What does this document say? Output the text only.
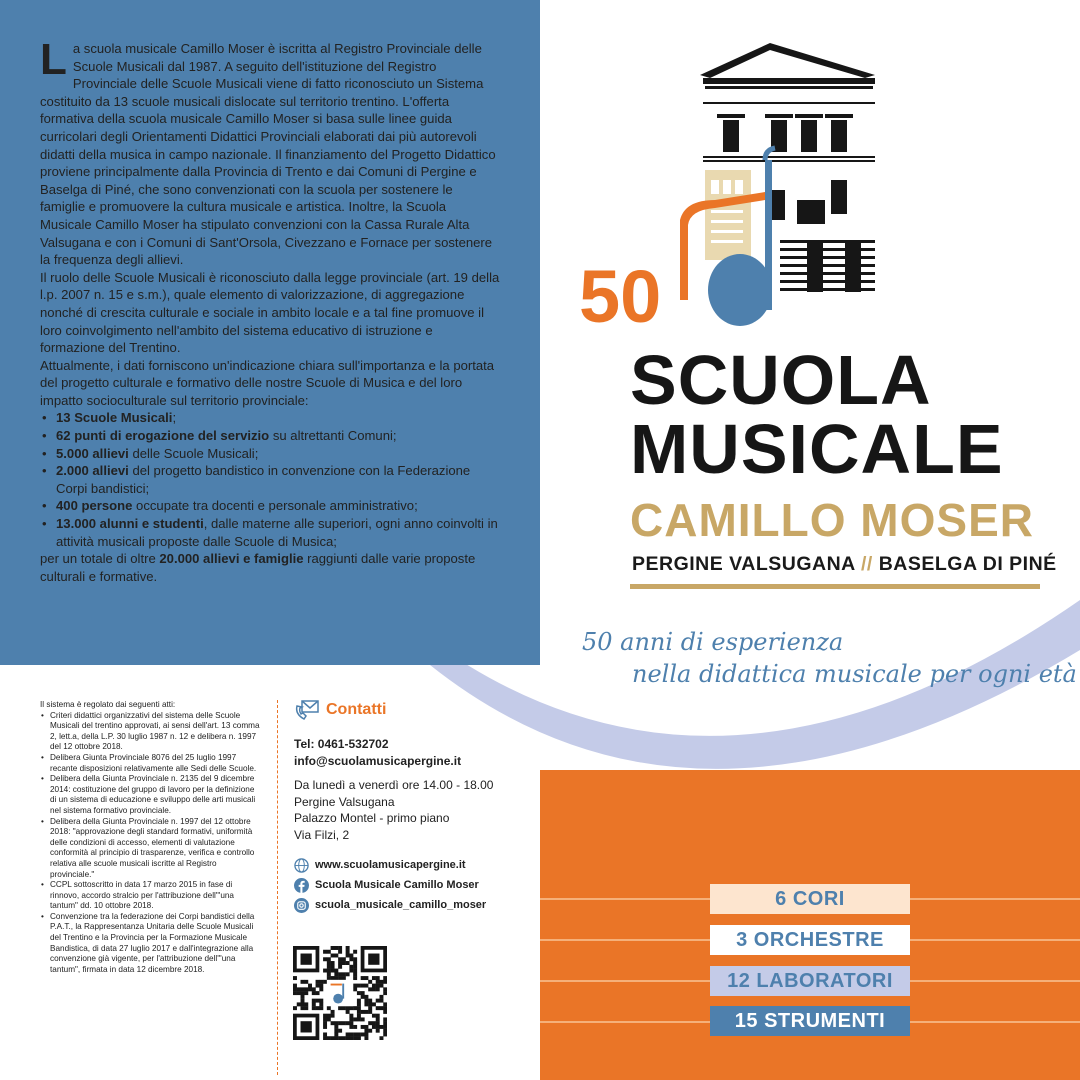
La scuola musicale Camillo Moser è iscritta al Registro Provinciale delle Scuole Musicali dal 1987. A seguito dell'istituzione del Registro Provinciale delle Scuole Musicali viene di fatto riconosciuto un Sistema costituito da 13 scuole musicali dislocate sul territorio trentino. L'offerta formativa della scuola musicale Camillo Moser si basa sulle linee guida curricolari degli Orientamenti Didattici Provinciali elaborati dai più autorevoli didatti della musica in campo nazionale. Il finanziamento del Progetto Didattico proviene principalmente dalla Provincia di Trento e dai Comuni di Pergine e Baselga di Piné, che sono convenzionati con la scuola per sostenere le famiglie e promuovere la cultura musicale e artistica. Inoltre, la Scuola Musicale Camillo Moser ha stipulato convenzioni con la Cassa Rurale Alta Valsugana e con i Comuni di Sant'Orsola, Civezzano e Fornace per sostenere la frequenza degli allievi.

Il ruolo delle Scuole Musicali è riconosciuto dalla legge provinciale (art. 19 della l.p. 2007 n. 15 e s.m.), quale elemento di valorizzazione, di aggregazione nonché di crescita culturale e sociale in ambito locale e a tal fine promuove il loro coinvolgimento nell'ambito del sistema educativo di istruzione e formazione del Trentino.

Attualmente, i dati forniscono un'indicazione chiara sull'importanza e la portata del progetto culturale e formativo delle nostre Scuole di Musica e del loro impatto socioculturale sul territorio provinciale:

• 13 Scuole Musicali;
• 62 punti di erogazione del servizio su altrettanti Comuni;
• 5.000 allievi delle Scuole Musicali;
• 2.000 allievi del progetto bandistico in convenzione con la Federazione Corpi bandistici;
• 400 persone occupate tra docenti e personale amministrativo;
• 13.000 alunni e studenti, dalle materne alle superiori, ogni anno coinvolti in attività musicali proposte dalle Scuole di Musica;

per un totale di oltre 20.000 allievi e famiglie raggiunti dalle varie proposte culturali e formative.

50
SCUOLA
MUSICALE
CAMILLO MOSER
PERGINE VALSUGANA // BASELGA DI PINÉ
50 anni di esperienza
nella didattica musicale per ogni età
6 CORI
3 ORCHESTRE
12 LABORATORI
15 STRUMENTI

Il sistema è regolato dai seguenti atti:

• Criteri didattici organizzativi del sistema delle Scuole Musicali del trentino approvati, ai sensi dell'art. 13 comma 2, lett.a, della L.P. 30 luglio 1987 n. 12 e delibera n. 1997 del 12 ottobre 2018.
• Delibera Giunta Provinciale 8076 del 25 luglio 1997 recante disposizioni relativamente alle Sedi delle Scuole.
• Delibera della Giunta Provinciale n. 2135 del 9 dicembre 2014: costituzione del gruppo di lavoro per la definizione di un sistema di educazione e sviluppo delle arti musicali nel sistema formativo provinciale.
• Delibera della Giunta Provinciale n. 1997 del 12 ottobre 2018: "approvazione degli standard formativi, uniformità delle condizioni di accesso, elementi di valutazione conformità al principio di trasparenze, verifica e controllo relativa alle scuole musicali iscritte al Registro provinciale."
• CCPL sottoscritto in data 17 marzo 2015 in fase di rinnovo, accordo stralcio per l'attribuzione dell'"una tantum" dd. 10 ottobre 2018.
• Convenzione tra la federazione dei Corpi bandistici della P.A.T., la Rappresentanza Unitaria delle Scuole Musicali del Trentino e la Provincia per la Formazione Musicale Bandistica, di data 27 luglio 2017 e dall'integrazione alla convenzione già vigente, per l'attribuzione dell'"una tantum", firmata in data 12 dicembre 2018.
Contatti
Tel: 0461-532702
info@scuolamusicapergine.it
Da lunedì a venerdì ore 14.00 - 18.00
Pergine Valsugana
Palazzo Montel - primo piano
Via Filzi, 2
www.scuolamusicapergine.it
Scuola Musicale Camillo Moser
scuola_musicale_camillo_moser
